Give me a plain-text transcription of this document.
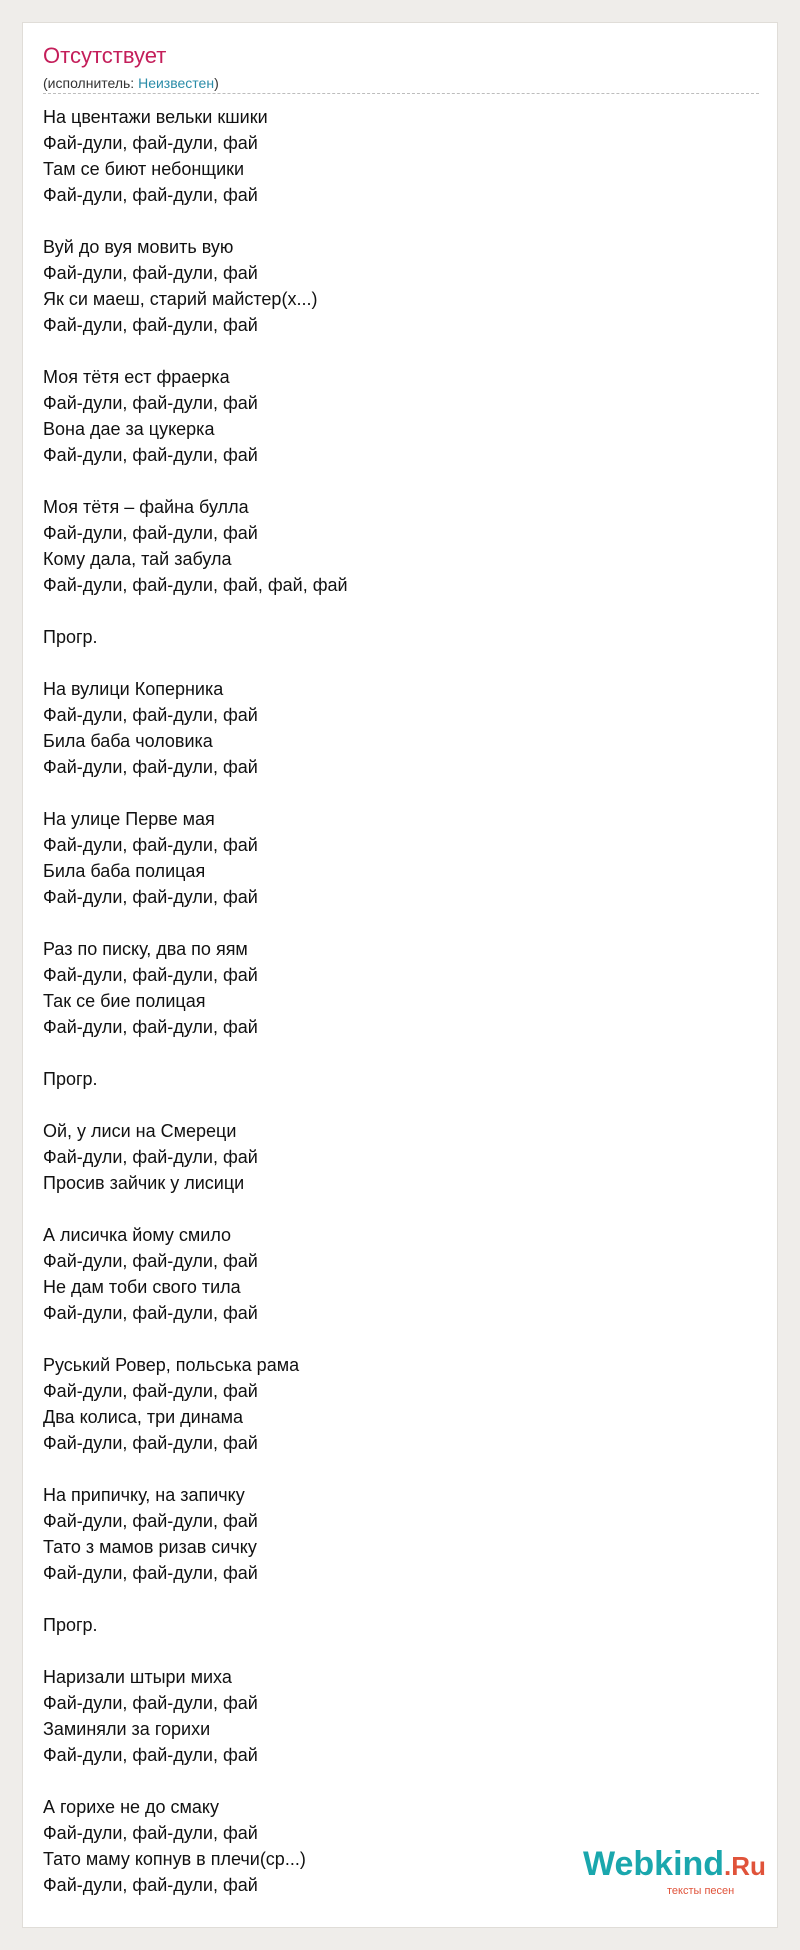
Отсутствует
(исполнитель: Неизвестен)
На цвентажи вельки кшики
Фай-дули, фай-дули, фай
Там се биют небонщики
Фай-дули, фай-дули, фай
Вуй до вуя мовить вую
Фай-дули, фай-дули, фай
Як си маеш, старий майстер(х...)
Фай-дули, фай-дули, фай
Моя тётя ест фраерка
Фай-дули, фай-дули, фай
Вона дае за цукерка
Фай-дули, фай-дули, фай
Моя тётя – файна булла
Фай-дули, фай-дули, фай
Кому дала, тай забула
Фай-дули, фай-дули, фай, фай, фай
Прогр.
На вулици Коперника
Фай-дули, фай-дули, фай
Била баба чоловика
Фай-дули, фай-дули, фай
На улице Перве мая
Фай-дули, фай-дули, фай
Била баба полицая
Фай-дули, фай-дули, фай
Раз по писку, два по яям
Фай-дули, фай-дули, фай
Так се бие полицая
Фай-дули, фай-дули, фай
Прогр.
Ой, у лиси на Смереци
Фай-дули, фай-дули, фай
Просив зайчик у лисици
А лисичка йому смило
Фай-дули, фай-дули, фай
Не дам тоби свого тила
Фай-дули, фай-дули, фай
Руський Ровер, польська рама
Фай-дули, фай-дули, фай
Два колиса, три динама
Фай-дули, фай-дули, фай
На припичку, на запичку
Фай-дули, фай-дули, фай
Тато з мамов ризав сичку
Фай-дули, фай-дули, фай
Прогр.
Наризали штыри миха
Фай-дули, фай-дули, фай
Заминяли за горихи
Фай-дули, фай-дули, фай
А горихе не до смаку
Фай-дули, фай-дули, фай
Тато маму копнув в плечи(ср...)
Фай-дули, фай-дули, фай
Webkind.Ru
тексты песен
